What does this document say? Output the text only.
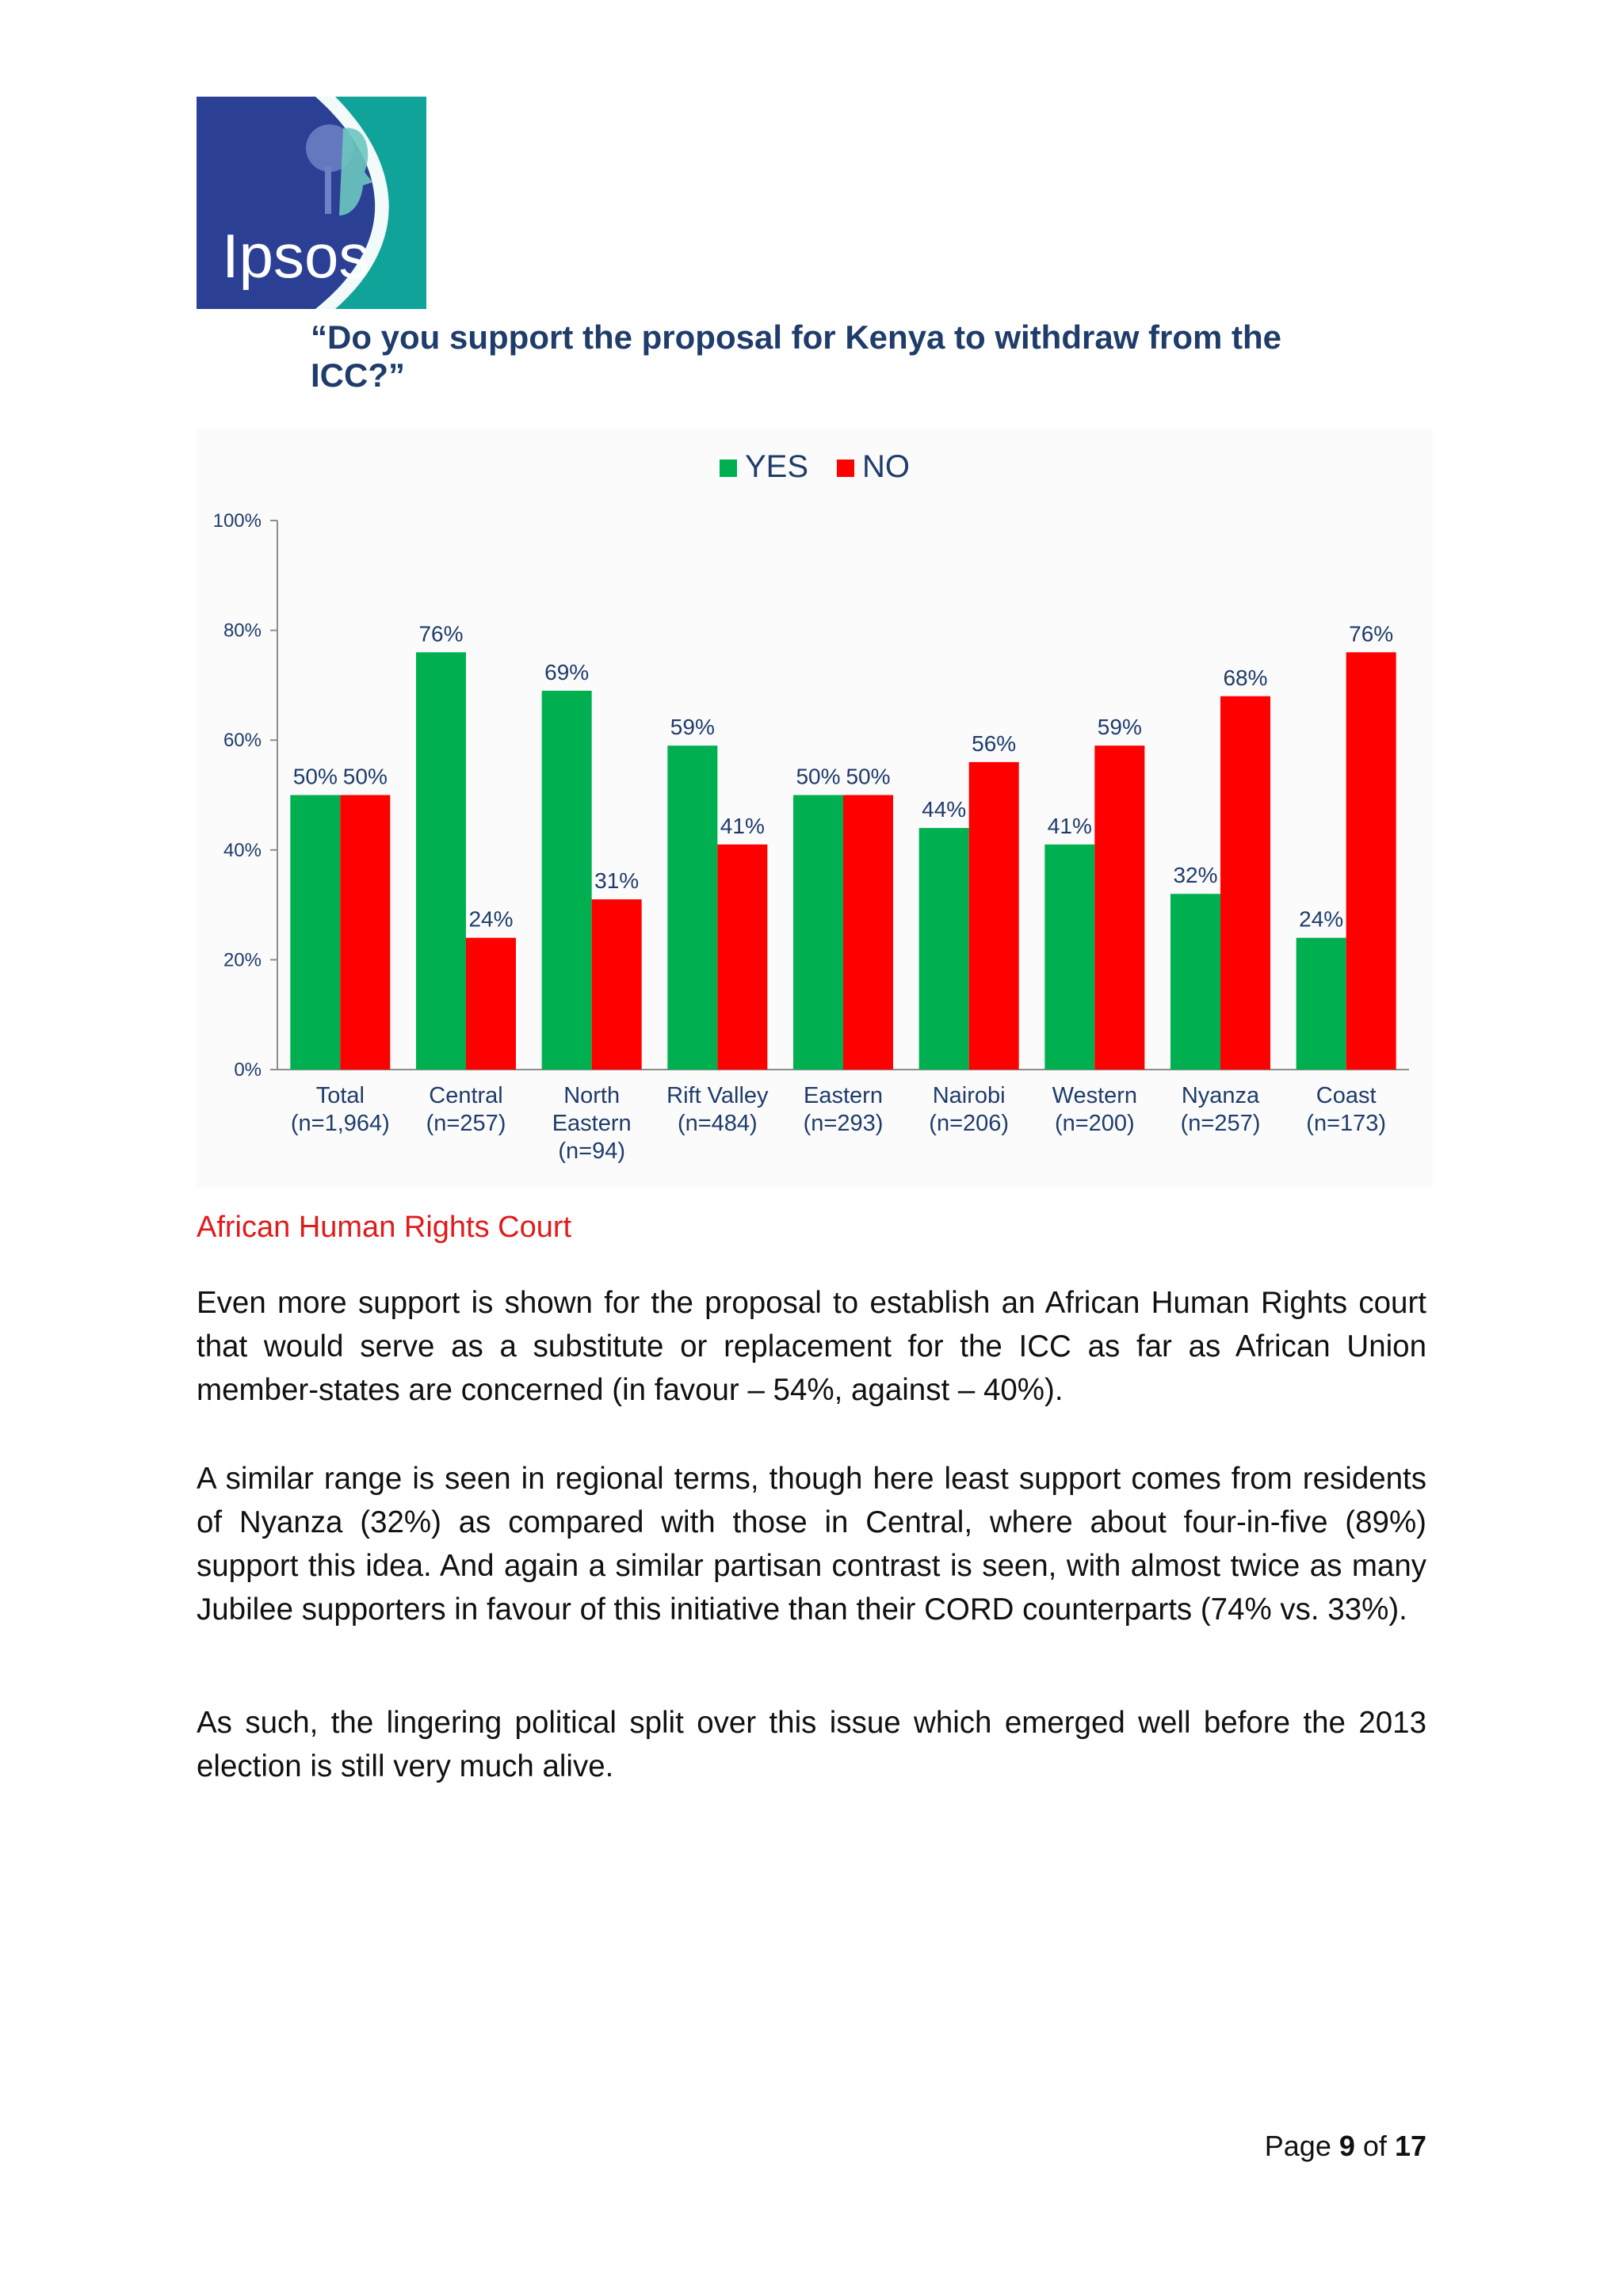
Ipsos
“Do you support the proposal for Kenya to withdraw from the ICC?”
0%
20%
40%
60%
80%
100%
YES NO
50% 50%
Total
(n=1,964)
76%
24%
Central
(n=257)
69%
31%
North
Eastern
(n=94)
59%
41%
Rift Valley
(n=484)
50% 50%
Eastern
(n=293)
44%
56%
Nairobi
(n=206)
41%
59%
Western
(n=200)
32%
68%
Nyanza
(n=257)
24%
76%
Coast
(n=173)
African Human Rights Court

Even more support is shown for the proposal to establish an African Human Rights court that would serve as a substitute or replacement for the ICC as far as African Union member-states are concerned (in favour – 54%, against – 40%).

A similar range is seen in regional terms, though here least support comes from residents of Nyanza (32%) as compared with those in Central, where about four-in-five (89%) support this idea. And again a similar partisan contrast is seen, with almost twice as many Jubilee supporters in favour of this initiative than their CORD counterparts (74% vs. 33%).

As such, the lingering political split over this issue which emerged well before the 2013 election is still very much alive.

Page 9 of 17
